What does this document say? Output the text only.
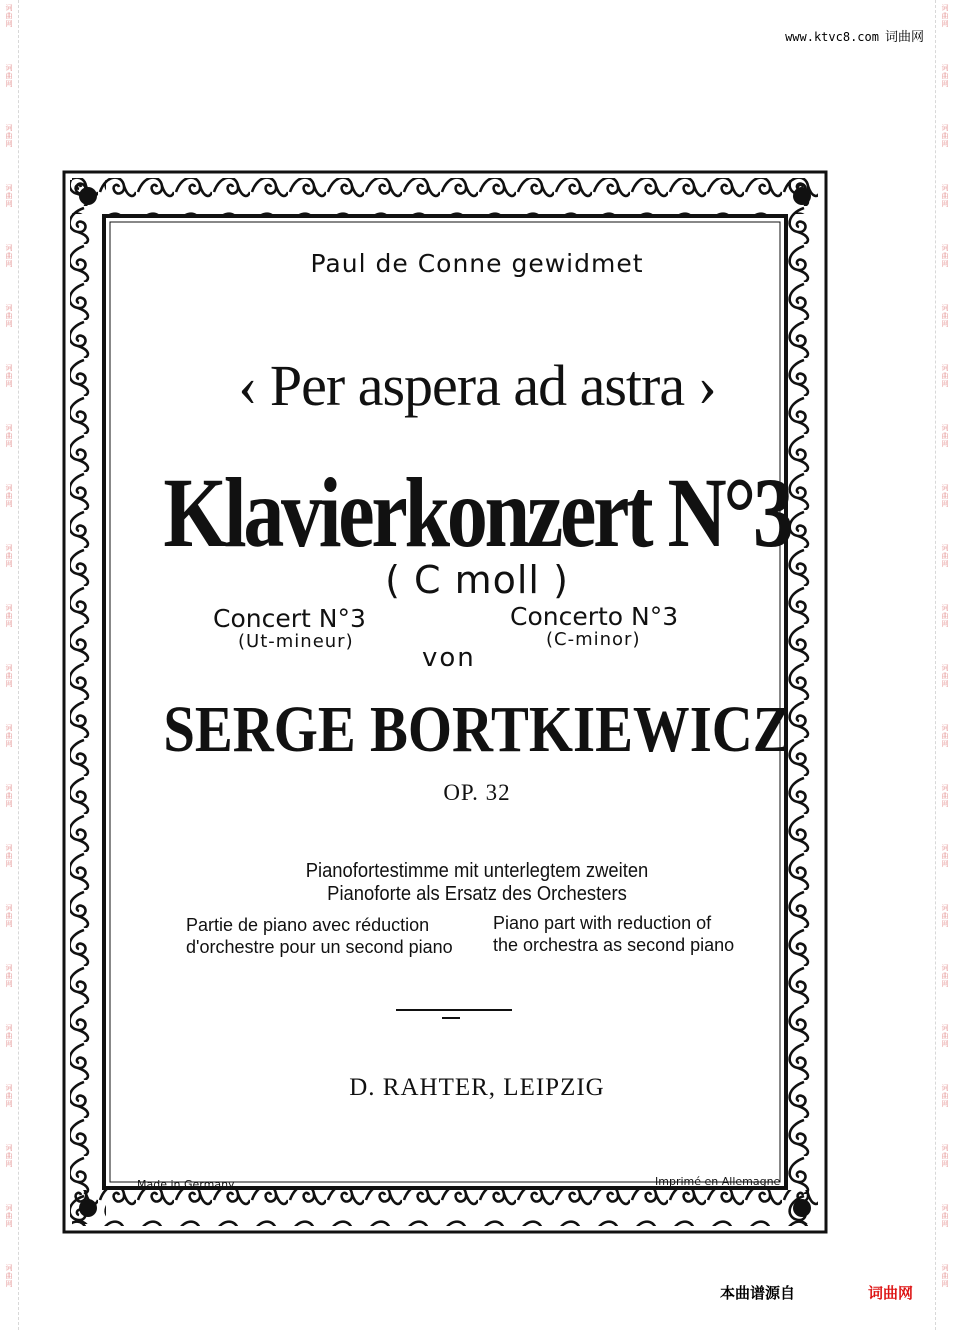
词
曲
网
词
曲
网
词
曲
网
词
曲
网
词
曲
网
词
曲
网
词
曲
网
词
曲
网
词
曲
网
词
曲
网
词
曲
网
词
曲
网
词
曲
网
词
曲
网
词
曲
网
词
曲
网
词
曲
网
词
曲
网
词
曲
网
词
曲
网
词
曲
网
词
曲
网
词
曲
网
词
曲
网
词
曲
网
词
曲
网
词
曲
网
词
曲
网
词
曲
网
词
曲
网
词
曲
网
词
曲
网
词
曲
网
词
曲
网
词
曲
网
词
曲
网
词
曲
网
词
曲
网
词
曲
网
词
曲
网
词
曲
网
词
曲
网
词
曲
网
词
曲
网
www.ktvc8.com 词曲网
Paul de Conne gewidmet
‹ Per aspera ad astra ›
Klavierkonzert N°3
( C moll )
Concert N°3
(Ut-mineur)
Concerto N°3
(C-minor)
von
SERGE BORTKIEWICZ
OP. 32
Pianofortestimme mit unterlegtem zweiten
Pianoforte als Ersatz des Orchesters
Partie de piano avec réduction
d'orchestre pour un second piano
Piano part with reduction of
the orchestra as second piano
D. RAHTER, LEIPZIG
Made in Germany	Imprimé en Allemagne
本曲谱源自	词曲网
